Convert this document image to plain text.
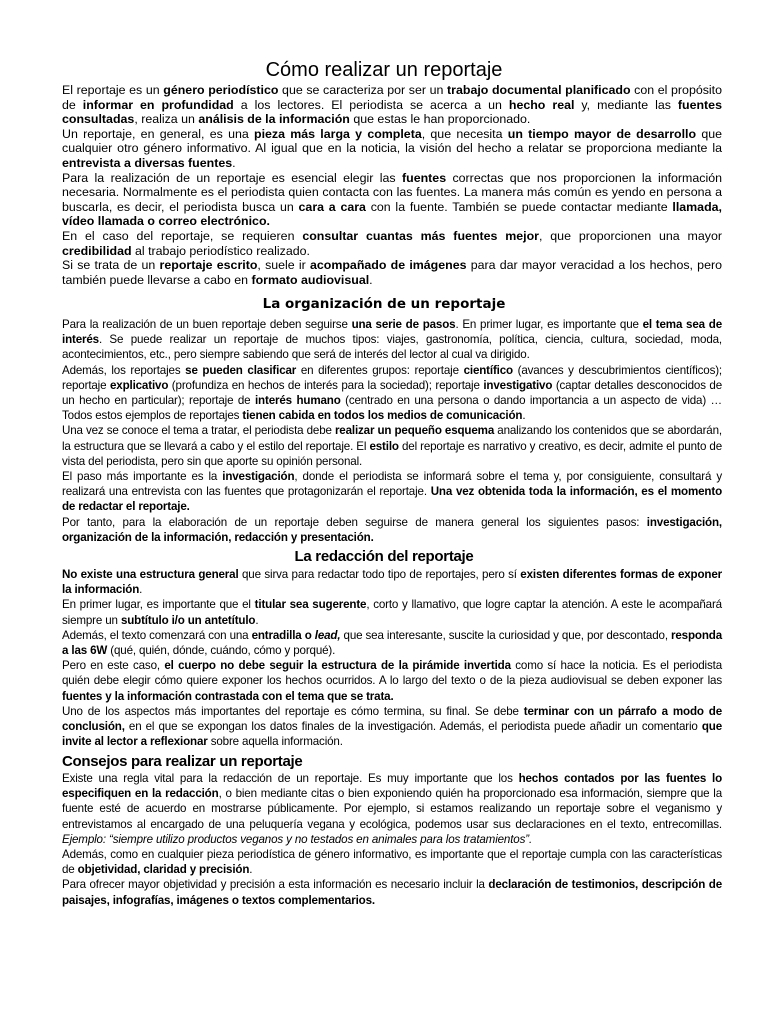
Cómo realizar un reportaje
El reportaje es un género periodístico que se caracteriza por ser un trabajo documental planificado con el propósito de informar en profundidad a los lectores. El periodista se acerca a un hecho real y, mediante las fuentes consultadas, realiza un análisis de la información que estas le han proporcionado.
Un reportaje, en general, es una pieza más larga y completa, que necesita un tiempo mayor de desarrollo que cualquier otro género informativo. Al igual que en la noticia, la visión del hecho a relatar se proporciona mediante la entrevista a diversas fuentes.
Para la realización de un reportaje es esencial elegir las fuentes correctas que nos proporcionen la información necesaria. Normalmente es el periodista quien contacta con las fuentes. La manera más común es yendo en persona a buscarla, es decir, el periodista busca un cara a cara con la fuente. También se puede contactar mediante llamada, vídeo llamada o correo electrónico.
En el caso del reportaje, se requieren consultar cuantas más fuentes mejor, que proporcionen una mayor credibilidad al trabajo periodístico realizado.
Si se trata de un reportaje escrito, suele ir acompañado de imágenes para dar mayor veracidad a los hechos, pero también puede llevarse a cabo en formato audiovisual.
La organización de un reportaje
Para la realización de un buen reportaje deben seguirse una serie de pasos. En primer lugar, es importante que el tema sea de interés. Se puede realizar un reportaje de muchos tipos: viajes, gastronomía, política, ciencia, cultura, sociedad, moda, acontecimientos, etc., pero siempre sabiendo que será de interés del lector al cual va dirigido.
Además, los reportajes se pueden clasificar en diferentes grupos: reportaje científico (avances y descubrimientos científicos); reportaje explicativo (profundiza en hechos de interés para la sociedad); reportaje investigativo (captar detalles desconocidos de un hecho en particular); reportaje de interés humano (centrado en una persona o dando importancia a un aspecto de vida) … Todos estos ejemplos de reportajes tienen cabida en todos los medios de comunicación.
Una vez se conoce el tema a tratar, el periodista debe realizar un pequeño esquema analizando los contenidos que se abordarán, la estructura que se llevará a cabo y el estilo del reportaje. El estilo del reportaje es narrativo y creativo, es decir, admite el punto de vista del periodista, pero sin que aporte su opinión personal.
El paso más importante es la investigación, donde el periodista se informará sobre el tema y, por consiguiente, consultará y realizará una entrevista con las fuentes que protagonizarán el reportaje. Una vez obtenida toda la información, es el momento de redactar el reportaje.
Por tanto, para la elaboración de un reportaje deben seguirse de manera general los siguientes pasos: investigación, organización de la información, redacción y presentación.
La redacción del reportaje
No existe una estructura general que sirva para redactar todo tipo de reportajes, pero sí existen diferentes formas de exponer la información.
En primer lugar, es importante que el titular sea sugerente, corto y llamativo, que logre captar la atención. A este le acompañará siempre un subtítulo i/o un antetítulo.
Además, el texto comenzará con una entradilla o lead, que sea interesante, suscite la curiosidad y que, por descontado, responda a las 6W (qué, quién, dónde, cuándo, cómo y porqué).
Pero en este caso, el cuerpo no debe seguir la estructura de la pirámide invertida como sí hace la noticia. Es el periodista quién debe elegir cómo quiere exponer los hechos ocurridos. A lo largo del texto o de la pieza audiovisual se deben exponer las fuentes y la información contrastada con el tema que se trata.
Uno de los aspectos más importantes del reportaje es cómo termina, su final. Se debe terminar con un párrafo a modo de conclusión, en el que se expongan los datos finales de la investigación. Además, el periodista puede añadir un comentario que invite al lector a reflexionar sobre aquella información.
Consejos para realizar un reportaje
Existe una regla vital para la redacción de un reportaje. Es muy importante que los hechos contados por las fuentes lo especifiquen en la redacción, o bien mediante citas o bien exponiendo quién ha proporcionado esa información, siempre que la fuente esté de acuerdo en mostrarse públicamente. Por ejemplo, si estamos realizando un reportaje sobre el veganismo y entrevistamos al encargado de una peluquería vegana y ecológica, podemos usar sus declaraciones en el texto, entrecomillas. Ejemplo: “siempre utilizo productos veganos y no testados en animales para los tratamientos”.
Además, como en cualquier pieza periodística de género informativo, es importante que el reportaje cumpla con las características de objetividad, claridad y precisión.
Para ofrecer mayor objetividad y precisión a esta información es necesario incluir la declaración de testimonios, descripción de paisajes, infografías, imágenes o textos complementarios.
